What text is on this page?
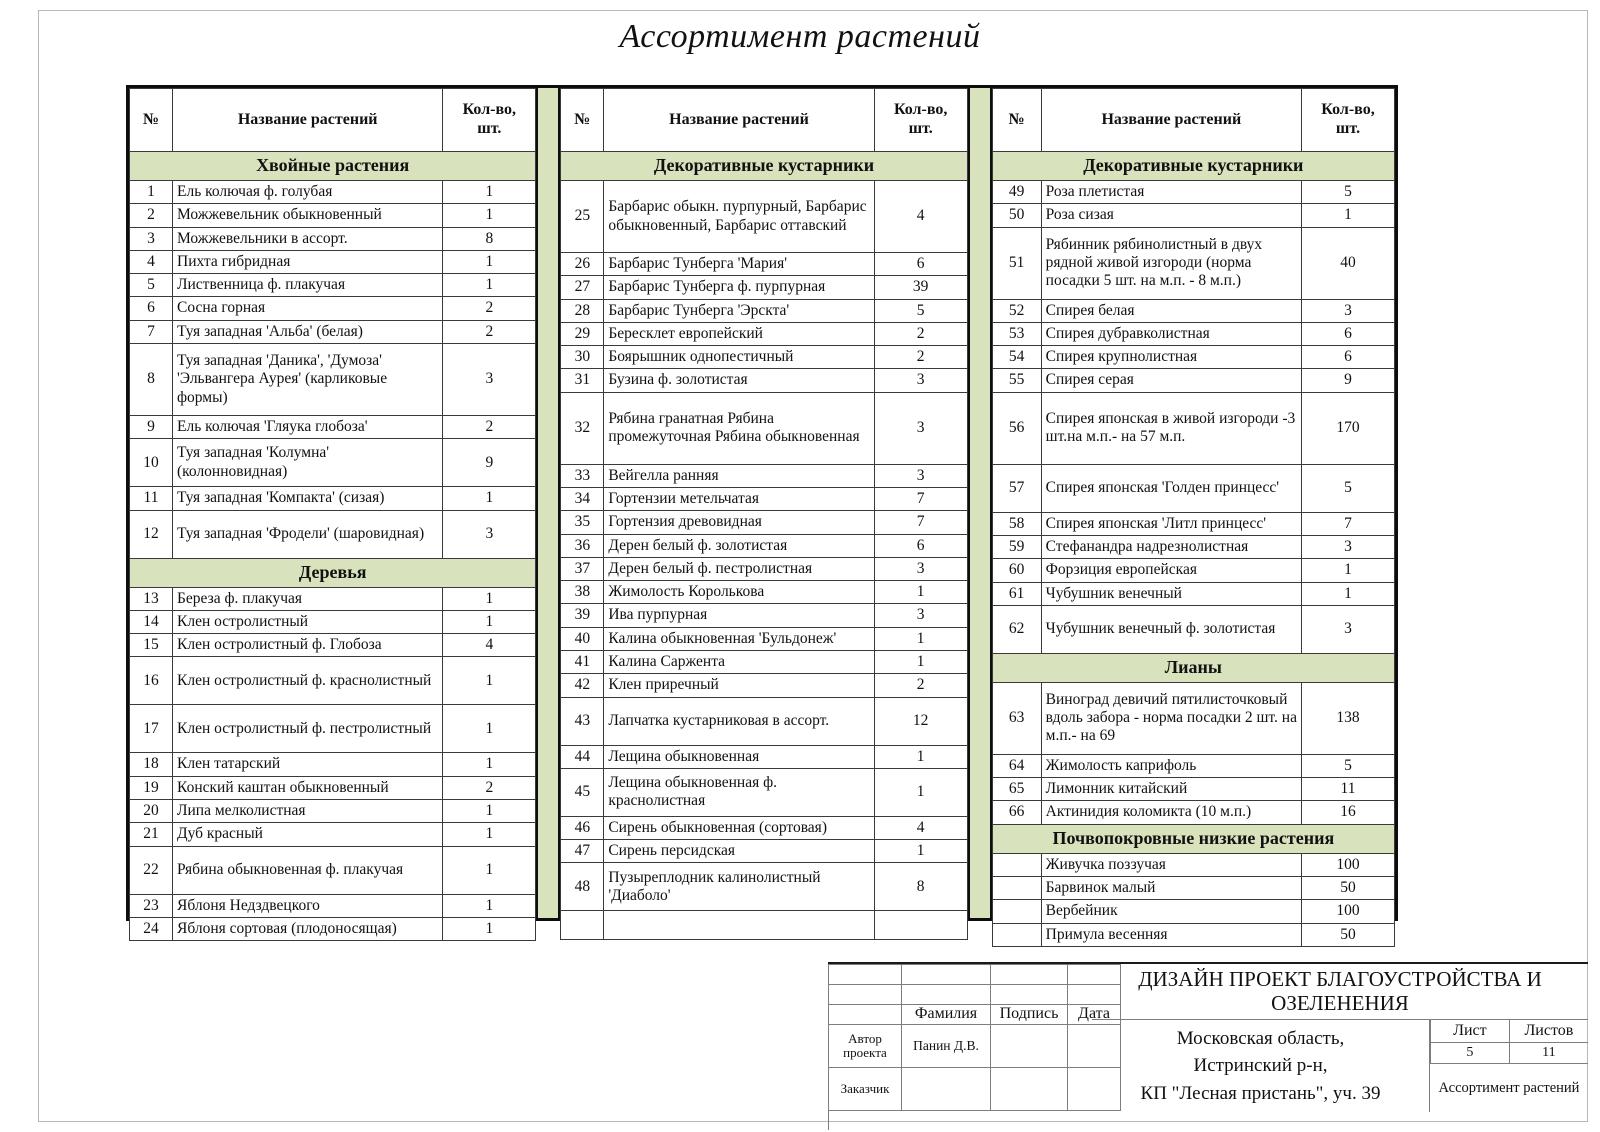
Ассортимент растений
№	Название растений	Кол-во,
шт.
Хвойные растения		
1	Ель колючая ф. голубая	1
2	Можжевельник обыкновенный	1
3	Можжевельники в ассорт.	8
4	Пихта гибридная	1
5	Лиственница ф. плакучая	1
6	Сосна горная	2
7	Туя западная 'Альба' (белая)	2
8	Туя западная 'Даника', 'Думоза' 'Эльвангера Аурея' (карликовые формы)	3
9	Ель колючая 'Гляука глобоза'	2
10	Туя западная 'Колумна' (колонновидная)	9
11	Туя западная 'Компакта' (сизая)	1
12	Туя западная 'Фродели' (шаровидная)	3
Деревья		
13	Береза ф. плакучая	1
14	Клен остролистный	1
15	Клен остролистный ф. Глобоза	4
16	Клен остролистный ф. краснолистный	1
17	Клен остролистный ф. пестролистный	1
18	Клен татарский	1
19	Конский каштан обыкновенный	2
20	Липа мелколистная	1
21	Дуб красный	1
22	Рябина обыкновенная ф. плакучая	1
23	Яблоня Недздвецкого	1
24	Яблоня сортовая (плодоносящая)	1
№	Название растений	Кол-во,
шт.
Декоративные кустарники		
25	Барбарис обыкн. пурпурный, Барбарис обыкновенный, Барбарис оттавский	4
26	Барбарис Тунберга 'Мария'	6
27	Барбарис Тунберга ф. пурпурная	39
28	Барбарис Тунберга 'Эрскта'	5
29	Бересклет европейский	2
30	Боярышник однопестичный	2
31	Бузина ф. золотистая	3
32	Рябина гранатная Рябина промежуточная Рябина обыкновенная	3
33	Вейгелла ранняя	3
34	Гортензии метельчатая	7
35	Гортензия древовидная	7
36	Дерен белый ф. золотистая	6
37	Дерен белый ф. пестролистная	3
38	Жимолость Королькова	1
39	Ива пурпурная	3
40	Калина обыкновенная 'Бульдонеж'	1
41	Калина Саржента	1
42	Клен приречный	2
43	Лапчатка кустарниковая в ассорт.	12
44	Лещина обыкновенная	1
45	Лещина обыкновенная ф. краснолистная	1
46	Сирень обыкновенная (сортовая)	4
47	Сирень персидская	1
48	Пузыреплодник калинолистный 'Диаболо'	8

№	Название растений	Кол-во,
шт.
Декоративные кустарники		
49	Роза плетистая	5
50	Роза сизая	1
51	Рябинник рябинолистный в двух рядной живой изгороди (норма посадки 5 шт. на м.п. - 8 м.п.)	40
52	Спирея белая	3
53	Спирея дубравколистная	6
54	Спирея крупнолистная	6
55	Спирея серая	9
56	Спирея японская в живой изгороди -3 шт.на м.п.- на 57 м.п.	170
57	Спирея японская 'Голден принцесс'	5
58	Спирея японская 'Литл принцесс'	7
59	Стефанандра надрезнолистная	3
60	Форзиция европейская	1
61	Чубушник венечный	1
62	Чубушник венечный ф. золотистая	3
Лианы		
63	Виноград девичий пятилисточковый вдоль забора - норма посадки 2 шт. на м.п.- на 69	138
64	Жимолость каприфоль	5
65	Лимонник китайский	11
66	Актинидия коломикта (10 м.п.)	16
Почвопокровные низкие растения		
	Живучка поззучая	100
	Барвинок малый	50
	Вербейник	100
	Примула весенняя	50

	Фамилия	Подпись	Дата
Автор проекта	Панин Д.В.		
Заказчик			

ДИЗАЙН ПРОЕКТ БЛАГОУСТРОЙСТВА И ОЗЕЛЕНЕНИЯ
Московская область,
Истринский р-н,
КП "Лесная пристань", уч. 39
Лист	Листов
5	11
Ассортимент растений
